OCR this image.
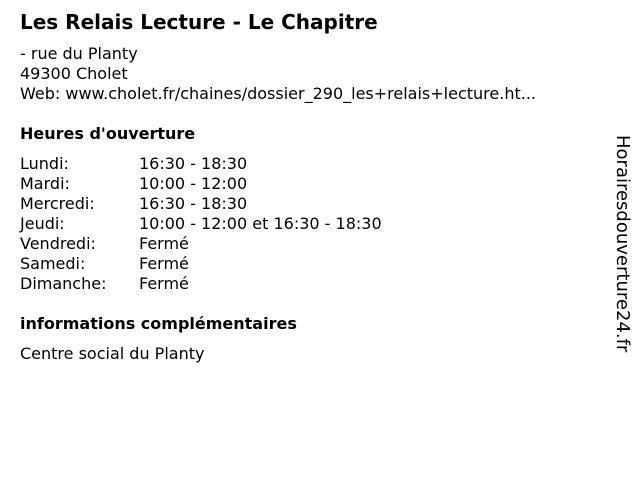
Les Relais Lecture - Le Chapitre
- rue du Planty
49300 Cholet
Web: www.cholet.fr/chaines/dossier_290_les+relais+lecture.ht...
Heures d'ouverture
Lundi:	16:30 - 18:30
Mardi:	10:00 - 12:00
Mercredi:	16:30 - 18:30
Jeudi:	10:00 - 12:00 et 16:30 - 18:30
Vendredi:	Fermé
Samedi:	Fermé
Dimanche: Fermé
informations complémentaires
Centre social du Planty
Horairesdouverture24.fr
